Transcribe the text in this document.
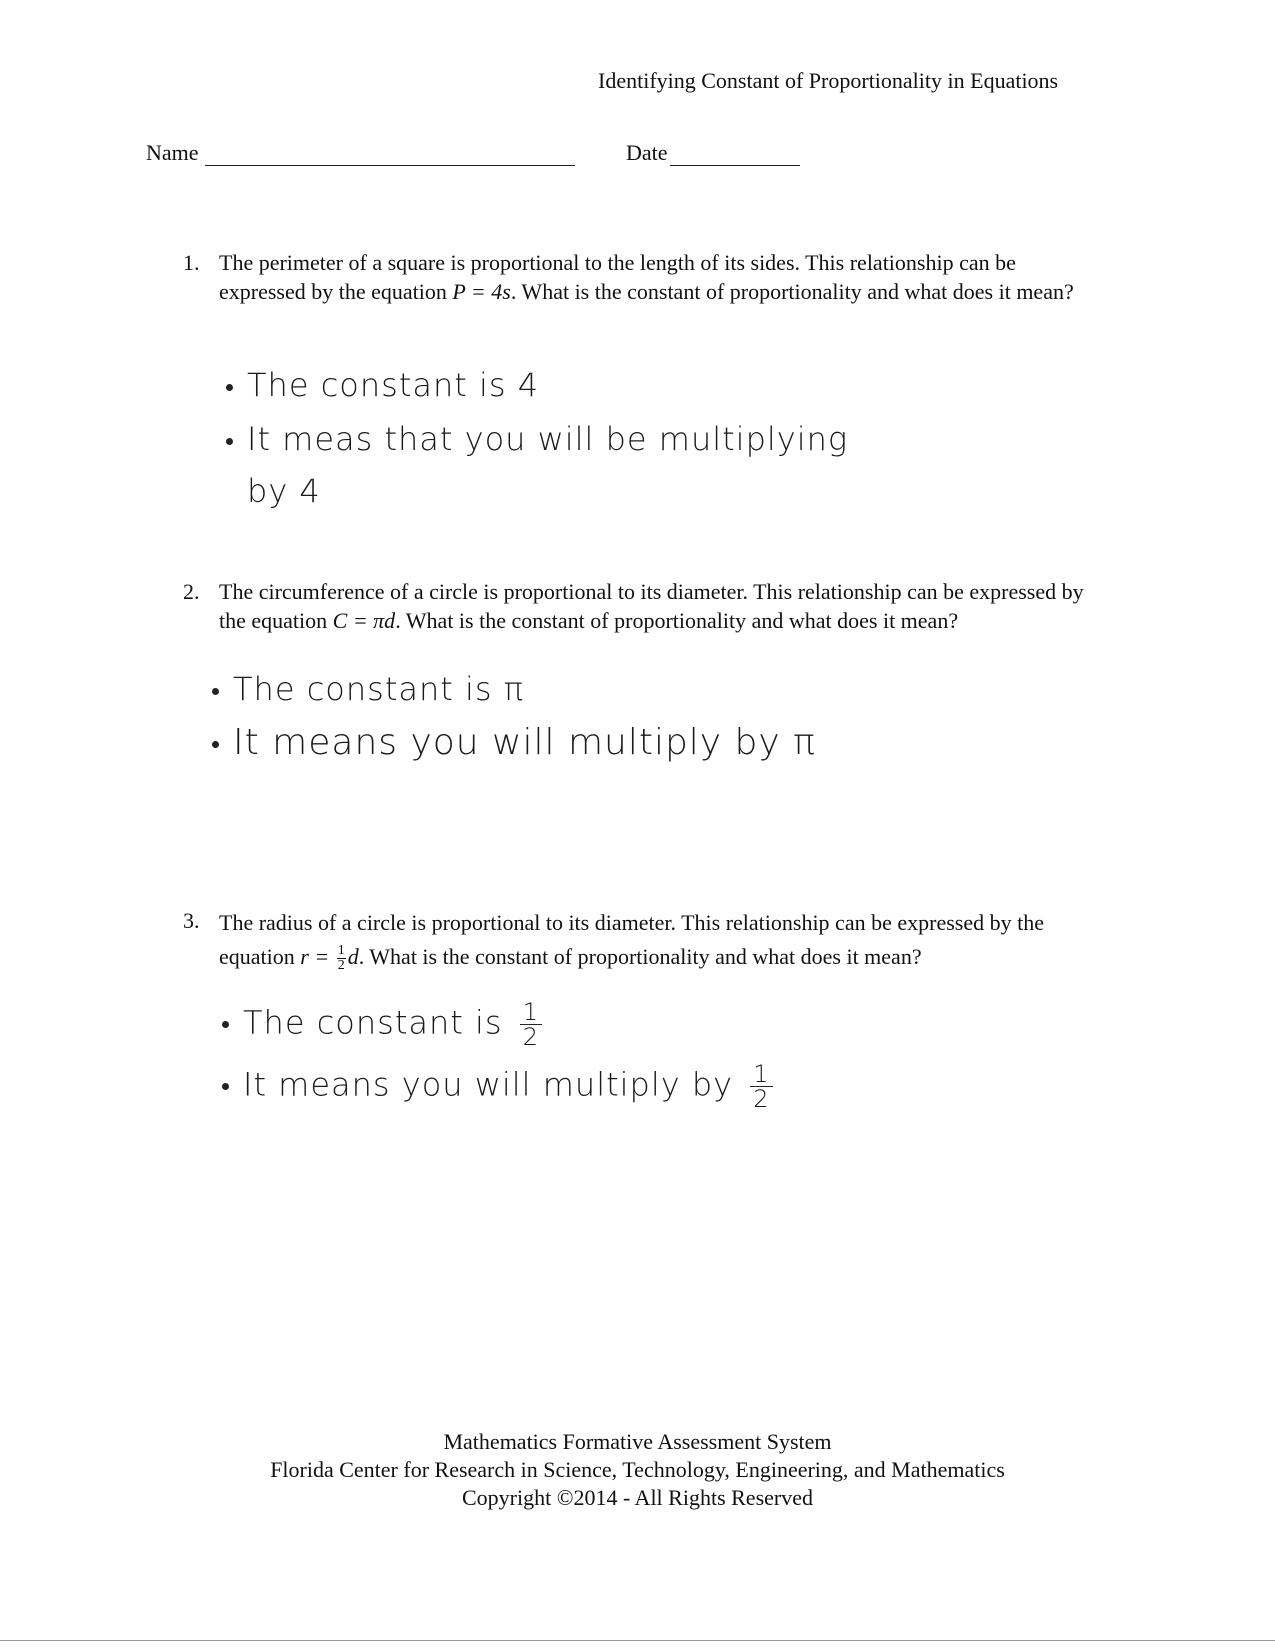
Identifying Constant of Proportionality in Equations
Name	Date
1. The perimeter of a square is proportional to the length of its sides. This relationship can be expressed by the equation P = 4s. What is the constant of proportionality and what does it mean?
The constant is 4
It meas that you will be multiplying
by 4
2. The circumference of a circle is proportional to its diameter. This relationship can be expressed by the equation C = πd. What is the constant of proportionality and what does it mean?
The constant is π
It means you will multiply by π
3. The radius of a circle is proportional to its diameter. This relationship can be expressed by the equation $r = \frac{1}{2} d$. What is the constant of proportionality and what does it mean?
The constant is $\frac{1}{2}$
It means you will multiply by $\frac{1}{2}$
Mathematics Formative Assessment System
Florida Center for Research in Science, Technology, Engineering, and Mathematics
Copyright ©2014 - All Rights Reserved
